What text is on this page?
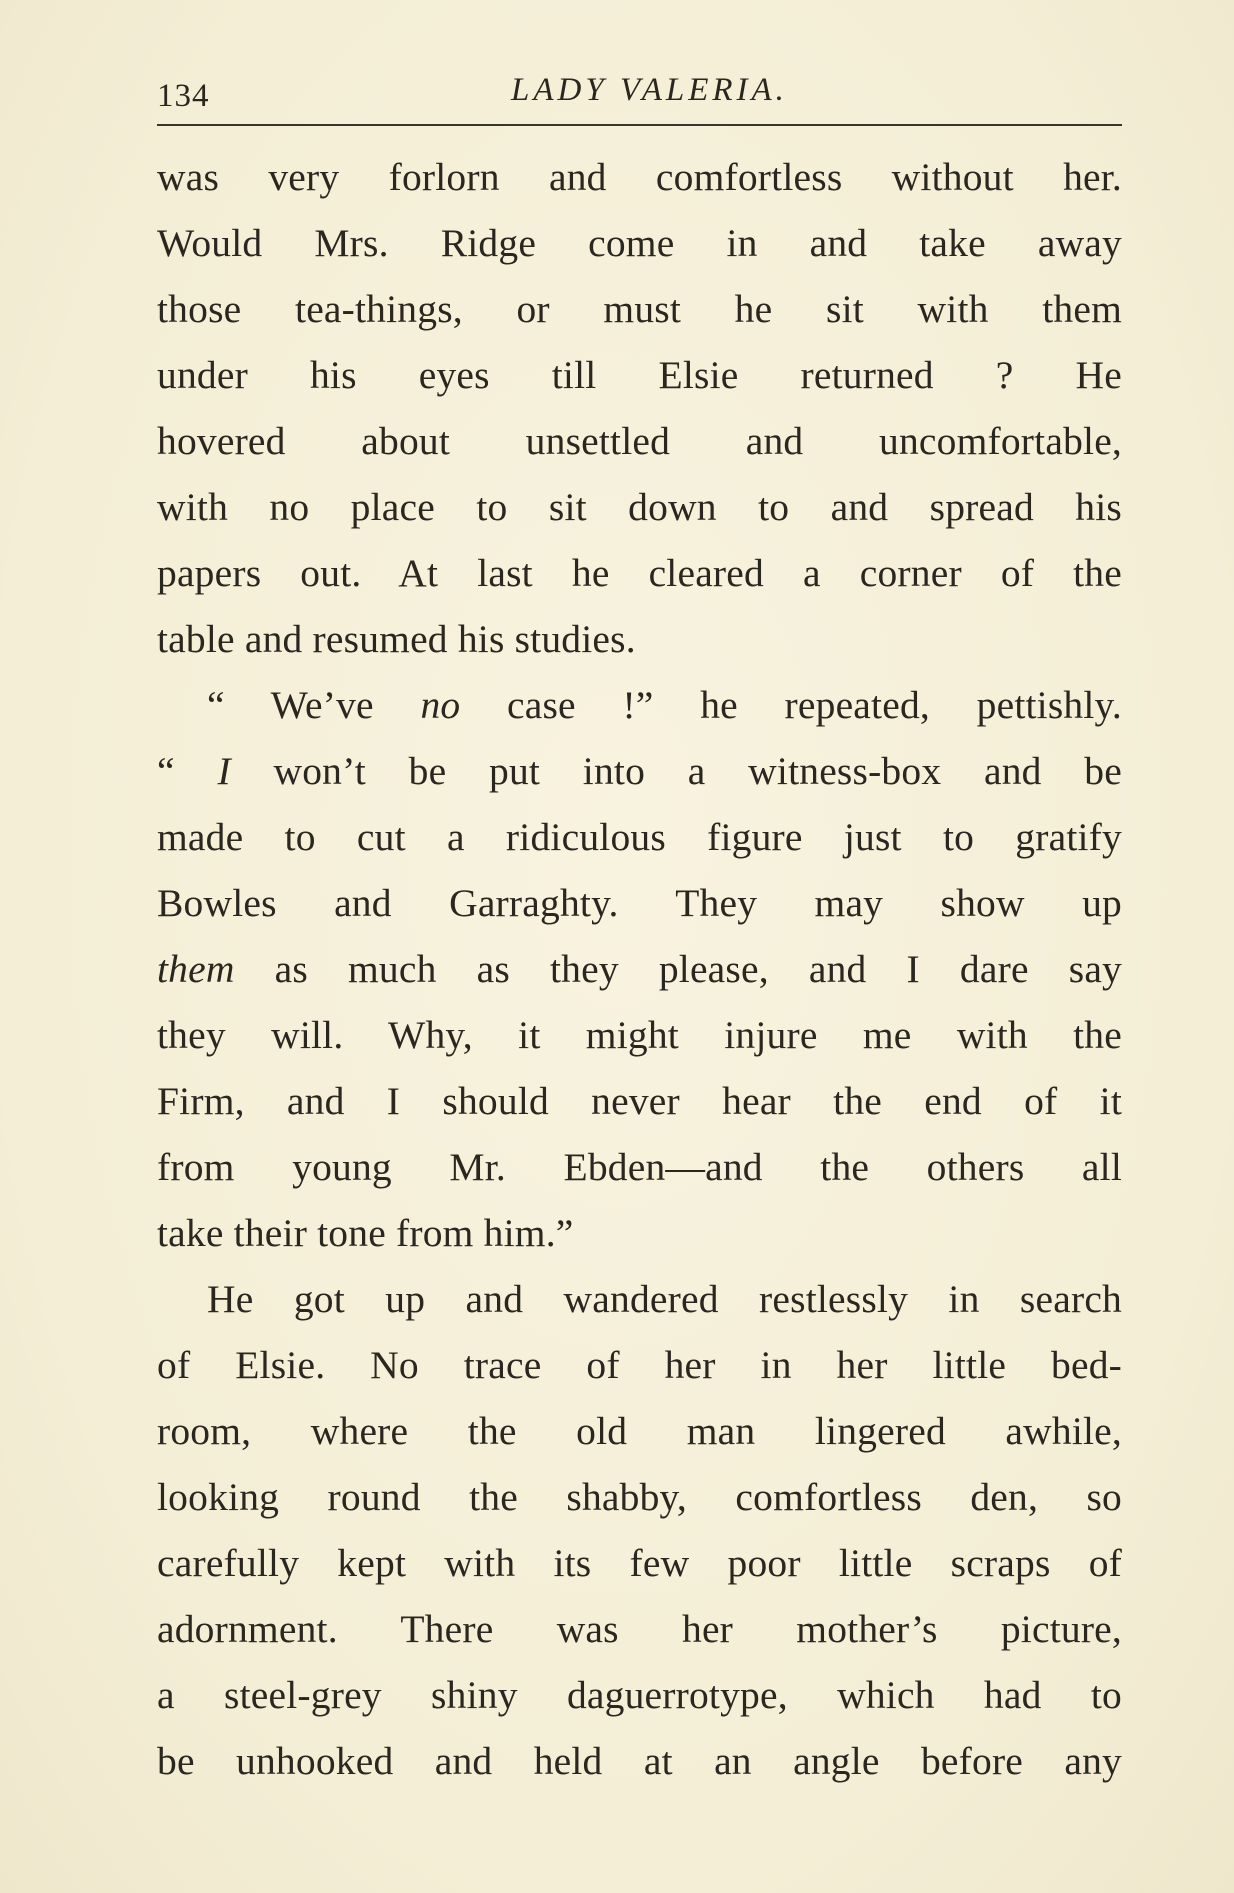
134	LADY VALERIA.
was very forlorn and comfortless without her.
Would Mrs. Ridge come in and take away
those tea-things, or must he sit with them
under his eyes till Elsie returned ? He
hovered about unsettled and uncomfortable,
with no place to sit down to and spread his
papers out. At last he cleared a corner of the
table and resumed his studies.
“ We’ve no case !” he repeated, pettishly.
“ I won’t be put into a witness-box and be
made to cut a ridiculous figure just to gratify
Bowles and Garraghty. They may show up
them as much as they please, and I dare say
they will. Why, it might injure me with the
Firm, and I should never hear the end of it
from young Mr. Ebden—and the others all
take their tone from him.”
He got up and wandered restlessly in search
of Elsie. No trace of her in her little bed-
room, where the old man lingered awhile,
looking round the shabby, comfortless den, so
carefully kept with its few poor little scraps of
adornment. There was her mother’s picture,
a steel-grey shiny daguerrotype, which had to
be unhooked and held at an angle before any
